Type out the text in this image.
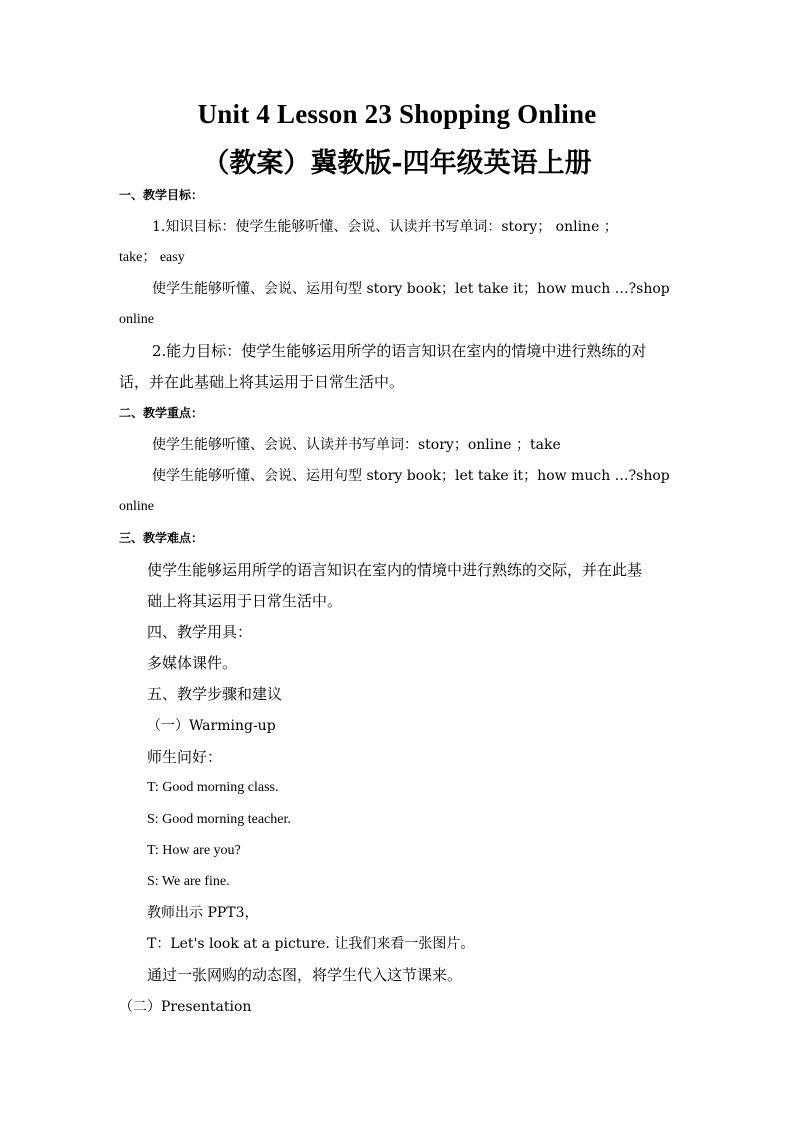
Unit 4 Lesson 23 Shopping Online
（教案）冀教版-四年级英语上册
一、教学目标：
1.知识目标：使学生能够听懂、会说、认读并书写单词：story； online ；
take； easy
使学生能够听懂、会说、运用句型 story book；let take it；how much …?shop
online
2.能力目标：使学生能够运用所学的语言知识在室内的情境中进行熟练的对
话，并在此基础上将其运用于日常生活中。
二、教学重点：
使学生能够听懂、会说、认读并书写单词：story；online ；take
使学生能够听懂、会说、运用句型 story book；let take it；how much …?shop
online
三、教学难点：
使学生能够运用所学的语言知识在室内的情境中进行熟练的交际，并在此基
础上将其运用于日常生活中。
四、教学用具：
多媒体课件。
五、教学步骤和建议
（一）Warming-up
师生问好：
T: Good morning class.
S: Good morning teacher.
T: How are you?
S: We are fine.
教师出示 PPT3，
T：Let's look at a picture. 让我们来看一张图片。
通过一张网购的动态图，将学生代入这节课来。
（二）Presentation
